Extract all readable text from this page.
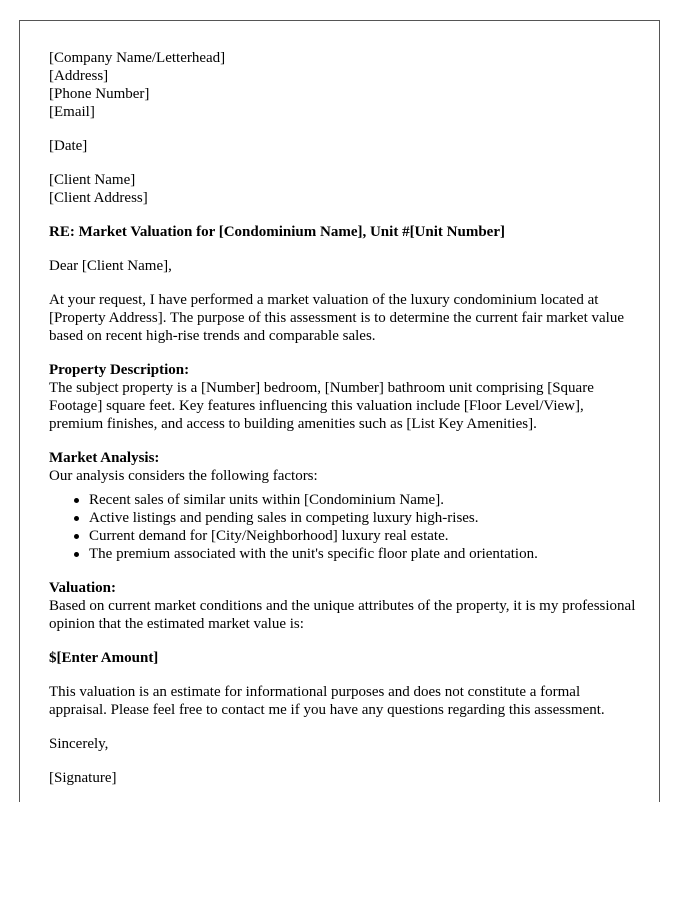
[Company Name/Letterhead]
[Address]
[Phone Number]
[Email]
[Date]
[Client Name]
[Client Address]
RE: Market Valuation for [Condominium Name], Unit #[Unit Number]
Dear [Client Name],
At your request, I have performed a market valuation of the luxury condominium located at [Property Address]. The purpose of this assessment is to determine the current fair market value based on recent high-rise trends and comparable sales.
Property Description:
The subject property is a [Number] bedroom, [Number] bathroom unit comprising [Square Footage] square feet. Key features influencing this valuation include [Floor Level/View], premium finishes, and access to building amenities such as [List Key Amenities].
Market Analysis:
Our analysis considers the following factors:
Recent sales of similar units within [Condominium Name].
Active listings and pending sales in competing luxury high-rises.
Current demand for [City/Neighborhood] luxury real estate.
The premium associated with the unit's specific floor plate and orientation.
Valuation:
Based on current market conditions and the unique attributes of the property, it is my professional opinion that the estimated market value is:
$[Enter Amount]
This valuation is an estimate for informational purposes and does not constitute a formal appraisal. Please feel free to contact me if you have any questions regarding this assessment.
Sincerely,
[Signature]
